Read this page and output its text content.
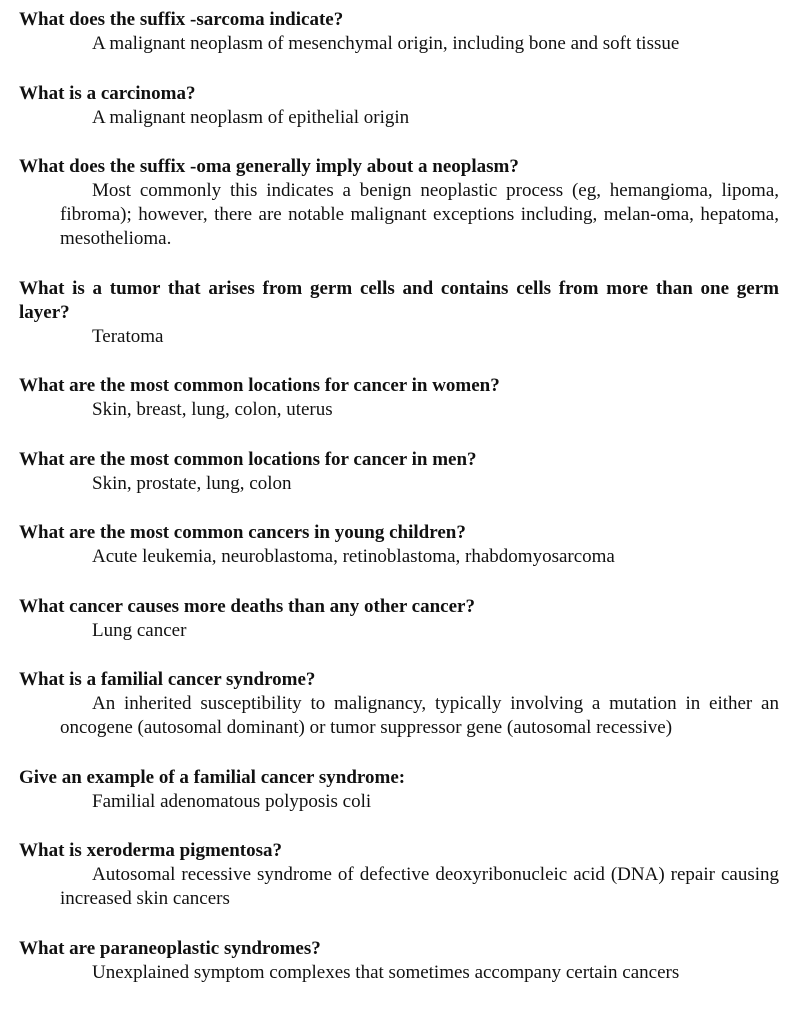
What does the suffix -sarcoma indicate?

A malignant neoplasm of mesenchymal origin, including bone and soft tissue

What is a carcinoma?

A malignant neoplasm of epithelial origin

What does the suffix -oma generally imply about a neoplasm?

Most commonly this indicates a benign neoplastic process (eg, hemangioma, lipoma, fibroma); however, there are notable malignant exceptions including, melan-oma, hepatoma, mesothelioma.

What is a tumor that arises from germ cells and contains cells from more than one germ layer?

Teratoma

What are the most common locations for cancer in women?

Skin, breast, lung, colon, uterus

What are the most common locations for cancer in men?

Skin, prostate, lung, colon

What are the most common cancers in young children?

Acute leukemia, neuroblastoma, retinoblastoma, rhabdomyosarcoma

What cancer causes more deaths than any other cancer?

Lung cancer

What is a familial cancer syndrome?

An inherited susceptibility to malignancy, typically involving a mutation in either an oncogene (autosomal dominant) or tumor suppressor gene (autosomal recessive)

Give an example of a familial cancer syndrome:

Familial adenomatous polyposis coli

What is xeroderma pigmentosa?

Autosomal recessive syndrome of defective deoxyribonucleic acid (DNA) repair causing increased skin cancers

What are paraneoplastic syndromes?

Unexplained symptom complexes that sometimes accompany certain cancers
